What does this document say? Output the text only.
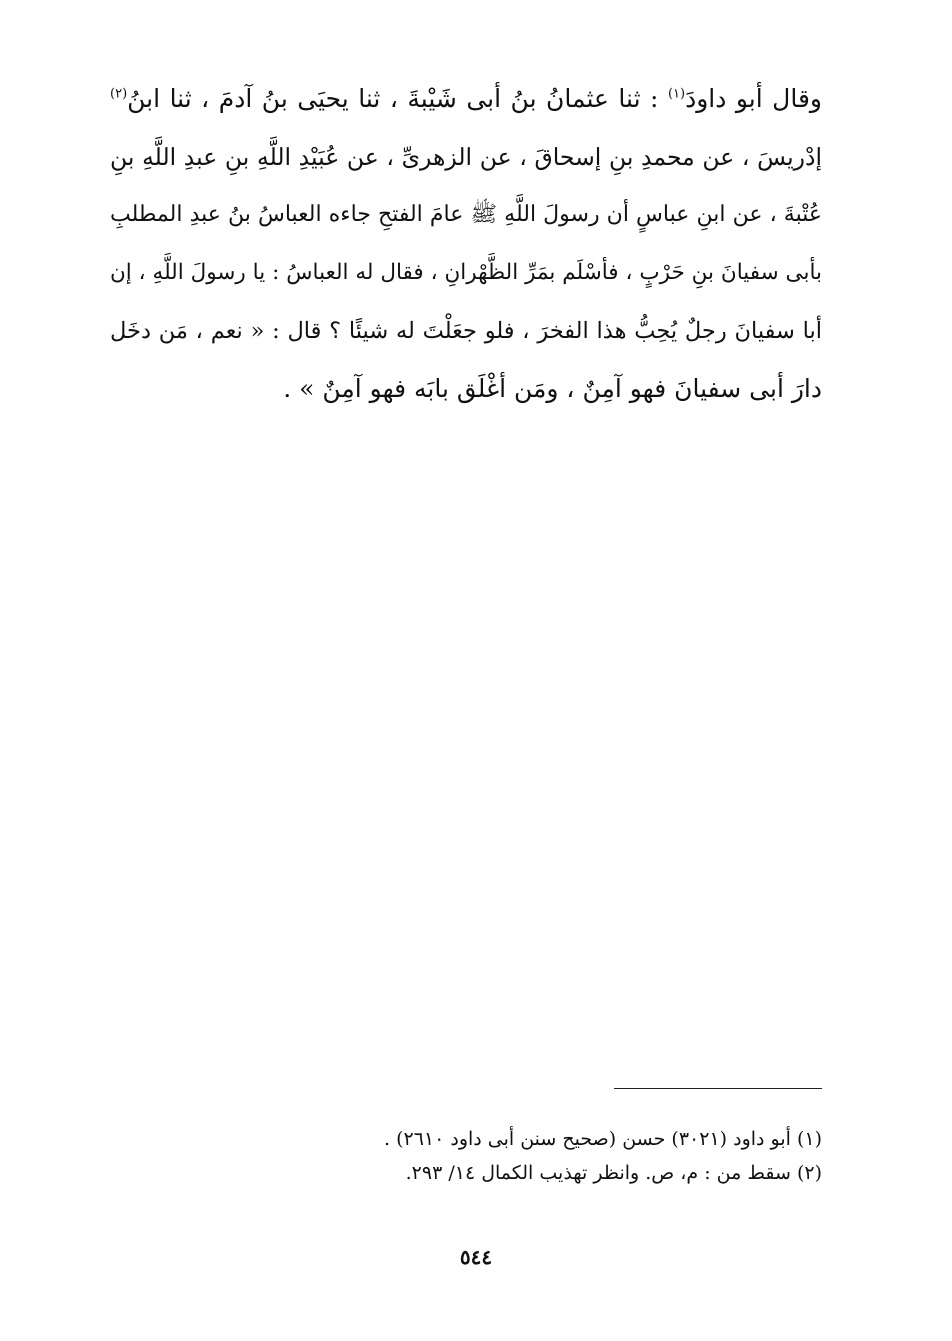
وقال أبو داودَ$^{(١)}$ : ثنا عثمانُ بنُ أبى شَيْبةَ ، ثنا يحيَى بنُ آدمَ ، ثنا ابنُ$^{(٢)}$
إدْريسَ ، عن محمدِ بنِ إسحاقَ ، عن الزهرىِّ ، عن عُبَيْدِ اللَّهِ بنِ عبدِ اللَّهِ بنِ
عُتْبةَ ، عن ابنِ عباسٍ أن رسولَ اللَّهِ ﷺ عامَ الفتحِ جاءه العباسُ بنُ عبدِ المطلبِ
بأبى سفيانَ بنِ حَرْبٍ ، فأسْلَم بمَرِّ الظَّهْرانِ ، فقال له العباسُ : يا رسولَ اللَّهِ ، إن
أبا سفيانَ رجلٌ يُحِبُّ هذا الفخرَ ، فلو جعَلْتَ له شيئًا ؟ قال : « نعم ، مَن دخَل
دارَ أبى سفيانَ فهو آمِنٌ ، ومَن أغْلَق بابَه فهو آمِنٌ » .
(١) أبو داود (٣٠٢١) حسن (صحيح سنن أبى داود ٢٦١٠) .
(٢) سقط من : م، ص. وانظر تهذيب الكمال ١٤/ ٢٩٣.
٥٤٤
